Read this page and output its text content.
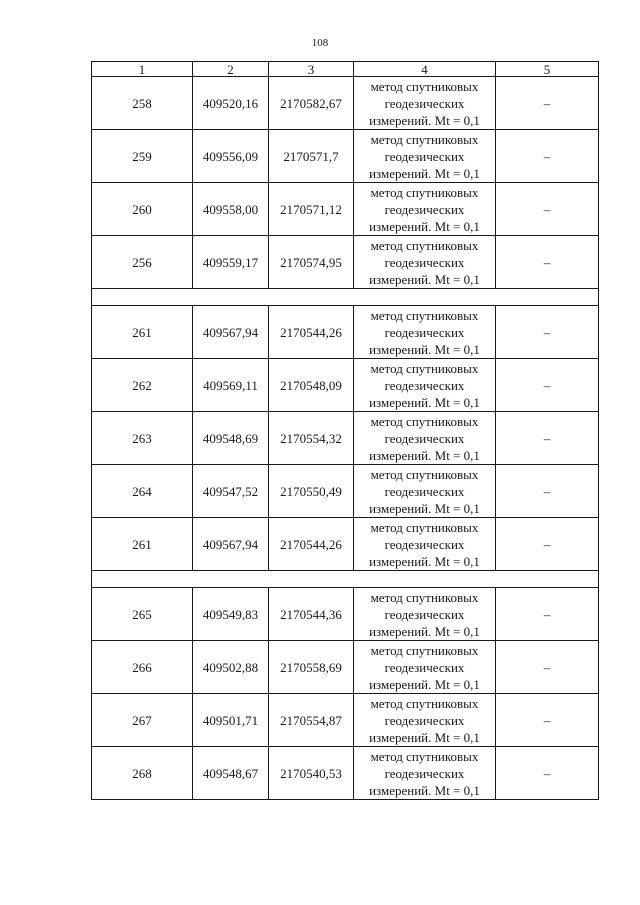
108
1	2	3	4	5
258	409520,16	2170582,67	метод спутниковых
геодезических
измерений. Mt = 0,1	–
259	409556,09	2170571,7	метод спутниковых
геодезических
измерений. Mt = 0,1	–
260	409558,00	2170571,12	метод спутниковых
геодезических
измерений. Mt = 0,1	–
256	409559,17	2170574,95	метод спутниковых
геодезических
измерений. Mt = 0,1	–

261	409567,94	2170544,26	метод спутниковых
геодезических
измерений. Mt = 0,1	–
262	409569,11	2170548,09	метод спутниковых
геодезических
измерений. Mt = 0,1	–
263	409548,69	2170554,32	метод спутниковых
геодезических
измерений. Mt = 0,1	–
264	409547,52	2170550,49	метод спутниковых
геодезических
измерений. Mt = 0,1	–
261	409567,94	2170544,26	метод спутниковых
геодезических
измерений. Mt = 0,1	–

265	409549,83	2170544,36	метод спутниковых
геодезических
измерений. Mt = 0,1	–
266	409502,88	2170558,69	метод спутниковых
геодезических
измерений. Mt = 0,1	–
267	409501,71	2170554,87	метод спутниковых
геодезических
измерений. Mt = 0,1	–
268	409548,67	2170540,53	метод спутниковых
геодезических
измерений. Mt = 0,1	–
